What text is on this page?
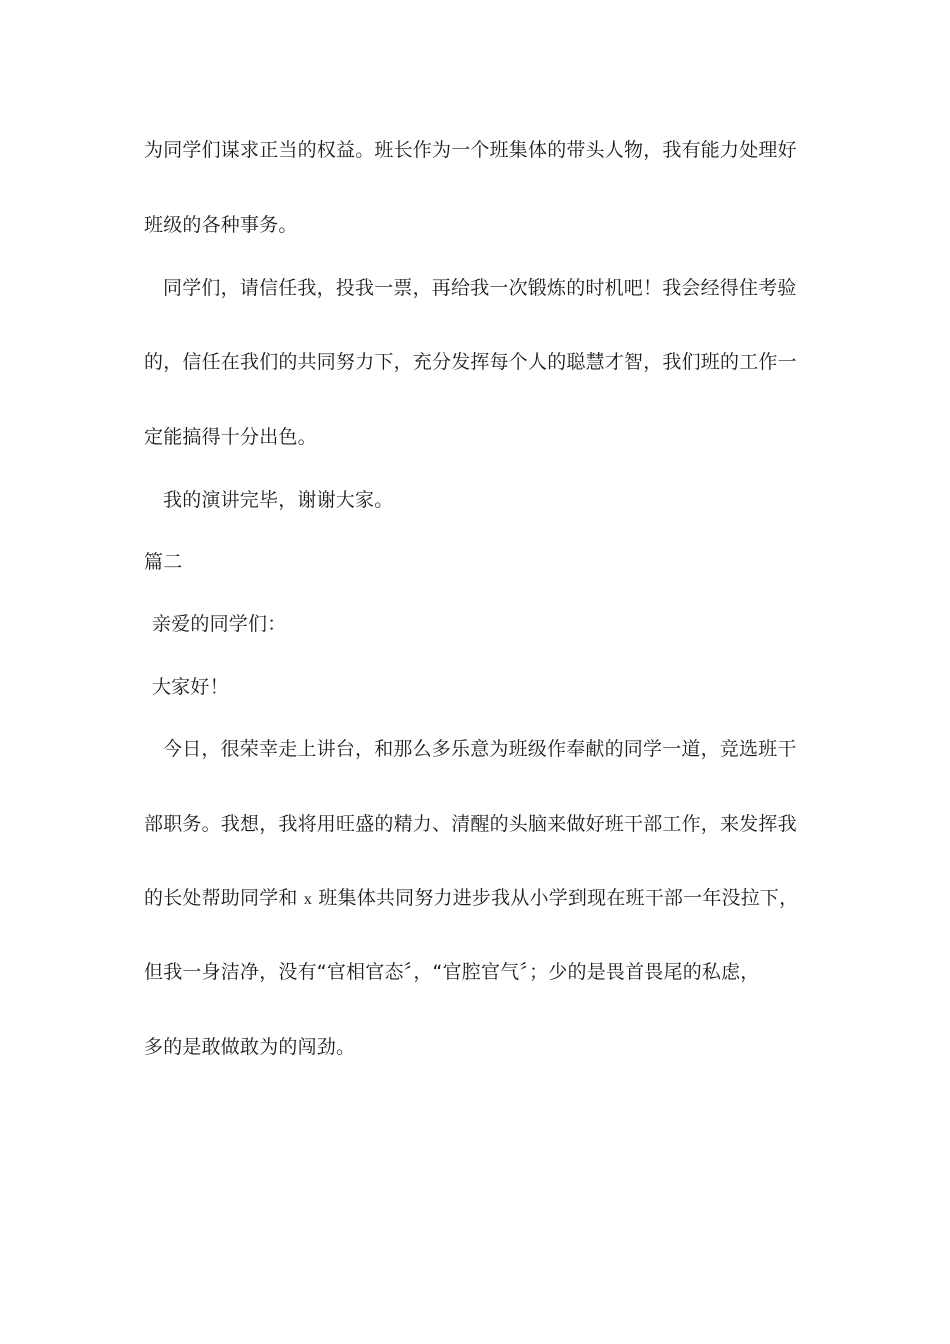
为同学们谋求正当的权益。班长作为一个班集体的带头人物，我有能力处理好

班级的各种事务。

同学们，请信任我，投我一票，再给我一次锻炼的时机吧！我会经得住考验

的，信任在我们的共同努力下，充分发挥每个人的聪慧才智，我们班的工作一

定能搞得十分出色。

我的演讲完毕，谢谢大家。

篇二

亲爱的同学们：

大家好！

今日，很荣幸走上讲台，和那么多乐意为班级作奉献的同学一道，竞选班干

部职务。我想，我将用旺盛的精力、清醒的头脑来做好班干部工作，来发挥我

的长处帮助同学和 x 班集体共同努力进步我从小学到现在班干部一年没拉下，

但我一身洁净，没有“官相官态〞，“官腔官气〞；少的是畏首畏尾的私虑，

多的是敢做敢为的闯劲。
